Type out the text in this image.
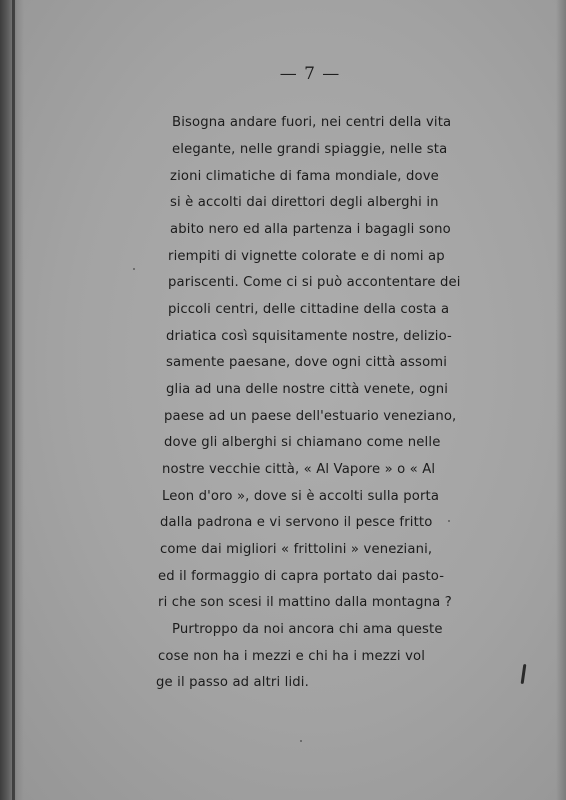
— 7 —
Bisogna andare fuori, nei centri della vita
elegante, nelle grandi spiaggie, nelle sta
zioni climatiche di fama mondiale, dove
si è accolti dai direttori degli alberghi in
abito nero ed alla partenza i bagagli sono
riempiti di vignette colorate e di nomi ap
pariscenti. Come ci si può accontentare dei
piccoli centri, delle cittadine della costa a
driatica così squisitamente nostre, delizio-
samente paesane, dove ogni città assomi
glia ad una delle nostre città venete, ogni
paese ad un paese dell'estuario veneziano,
dove gli alberghi si chiamano come nelle
nostre vecchie città, « Al Vapore » o « Al
Leon d'oro », dove si è accolti sulla porta
dalla padrona e vi servono il pesce fritto
come dai migliori « frittolini » veneziani,
ed il formaggio di capra portato dai pasto-
ri che son scesi il mattino dalla montagna ?
Purtroppo da noi ancora chi ama queste
cose non ha i mezzi e chi ha i mezzi vol
ge il passo ad altri lidi.
